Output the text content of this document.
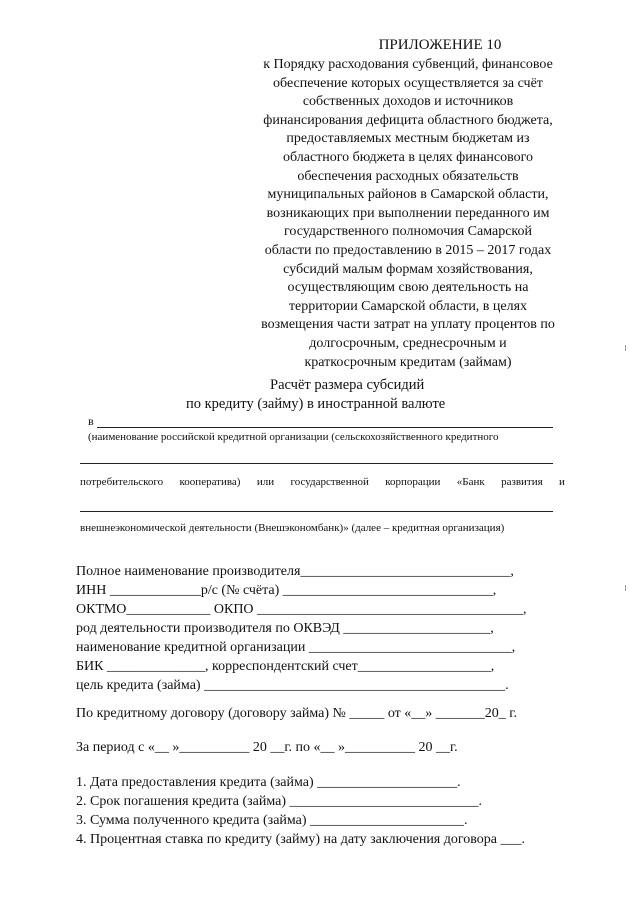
ПРИЛОЖЕНИЕ 10
к Порядку расходования субвенций, финансовое
обеспечение которых осуществляется за счёт
собственных доходов и источников
финансирования дефицита областного бюджета,
предоставляемых местным бюджетам из
областного бюджета в целях финансового
обеспечения расходных обязательств
муниципальных районов в Самарской области,
возникающих при выполнении переданного им
государственного полномочия Самарской
области по предоставлению в 2015 – 2017 годах
субсидий малым формам хозяйствования,
осуществляющим свою деятельность на
территории Самарской области, в целях
возмещения части затрат на уплату процентов по
долгосрочным, среднесрочным и
краткосрочным кредитам (займам)
Расчёт размера субсидий
по кредиту (займу) в иностранной валюте
в
(наименование российской кредитной организации (сельскохозяйственного кредитного
потребительского кооператива) или государственной корпорации «Банк развития и
внешнеэкономической деятельности (Внешэкономбанк)» (далее – кредитная организация)
Полное наименование производителя______________________________,
ИНН _____________р/с (№ счёта) ______________________________,
ОКТМО____________ ОКПО ______________________________________,
род деятельности производителя по ОКВЭД _____________________,
наименование кредитной организации _____________________________,
БИК ______________, корреспондентский счет___________________,
цель кредита (займа) ___________________________________________.
По кредитному договору (договору займа) № _____ от «__» _______20_ г.
За период с «__ »__________ 20 __г. по «__ »__________ 20 __г.
1. Дата предоставления кредита (займа) ____________________.
2. Срок погашения кредита (займа) ___________________________.
3. Сумма полученного кредита (займа) ______________________.
4. Процентная ставка по кредиту (займу) на дату заключения договора ___.
